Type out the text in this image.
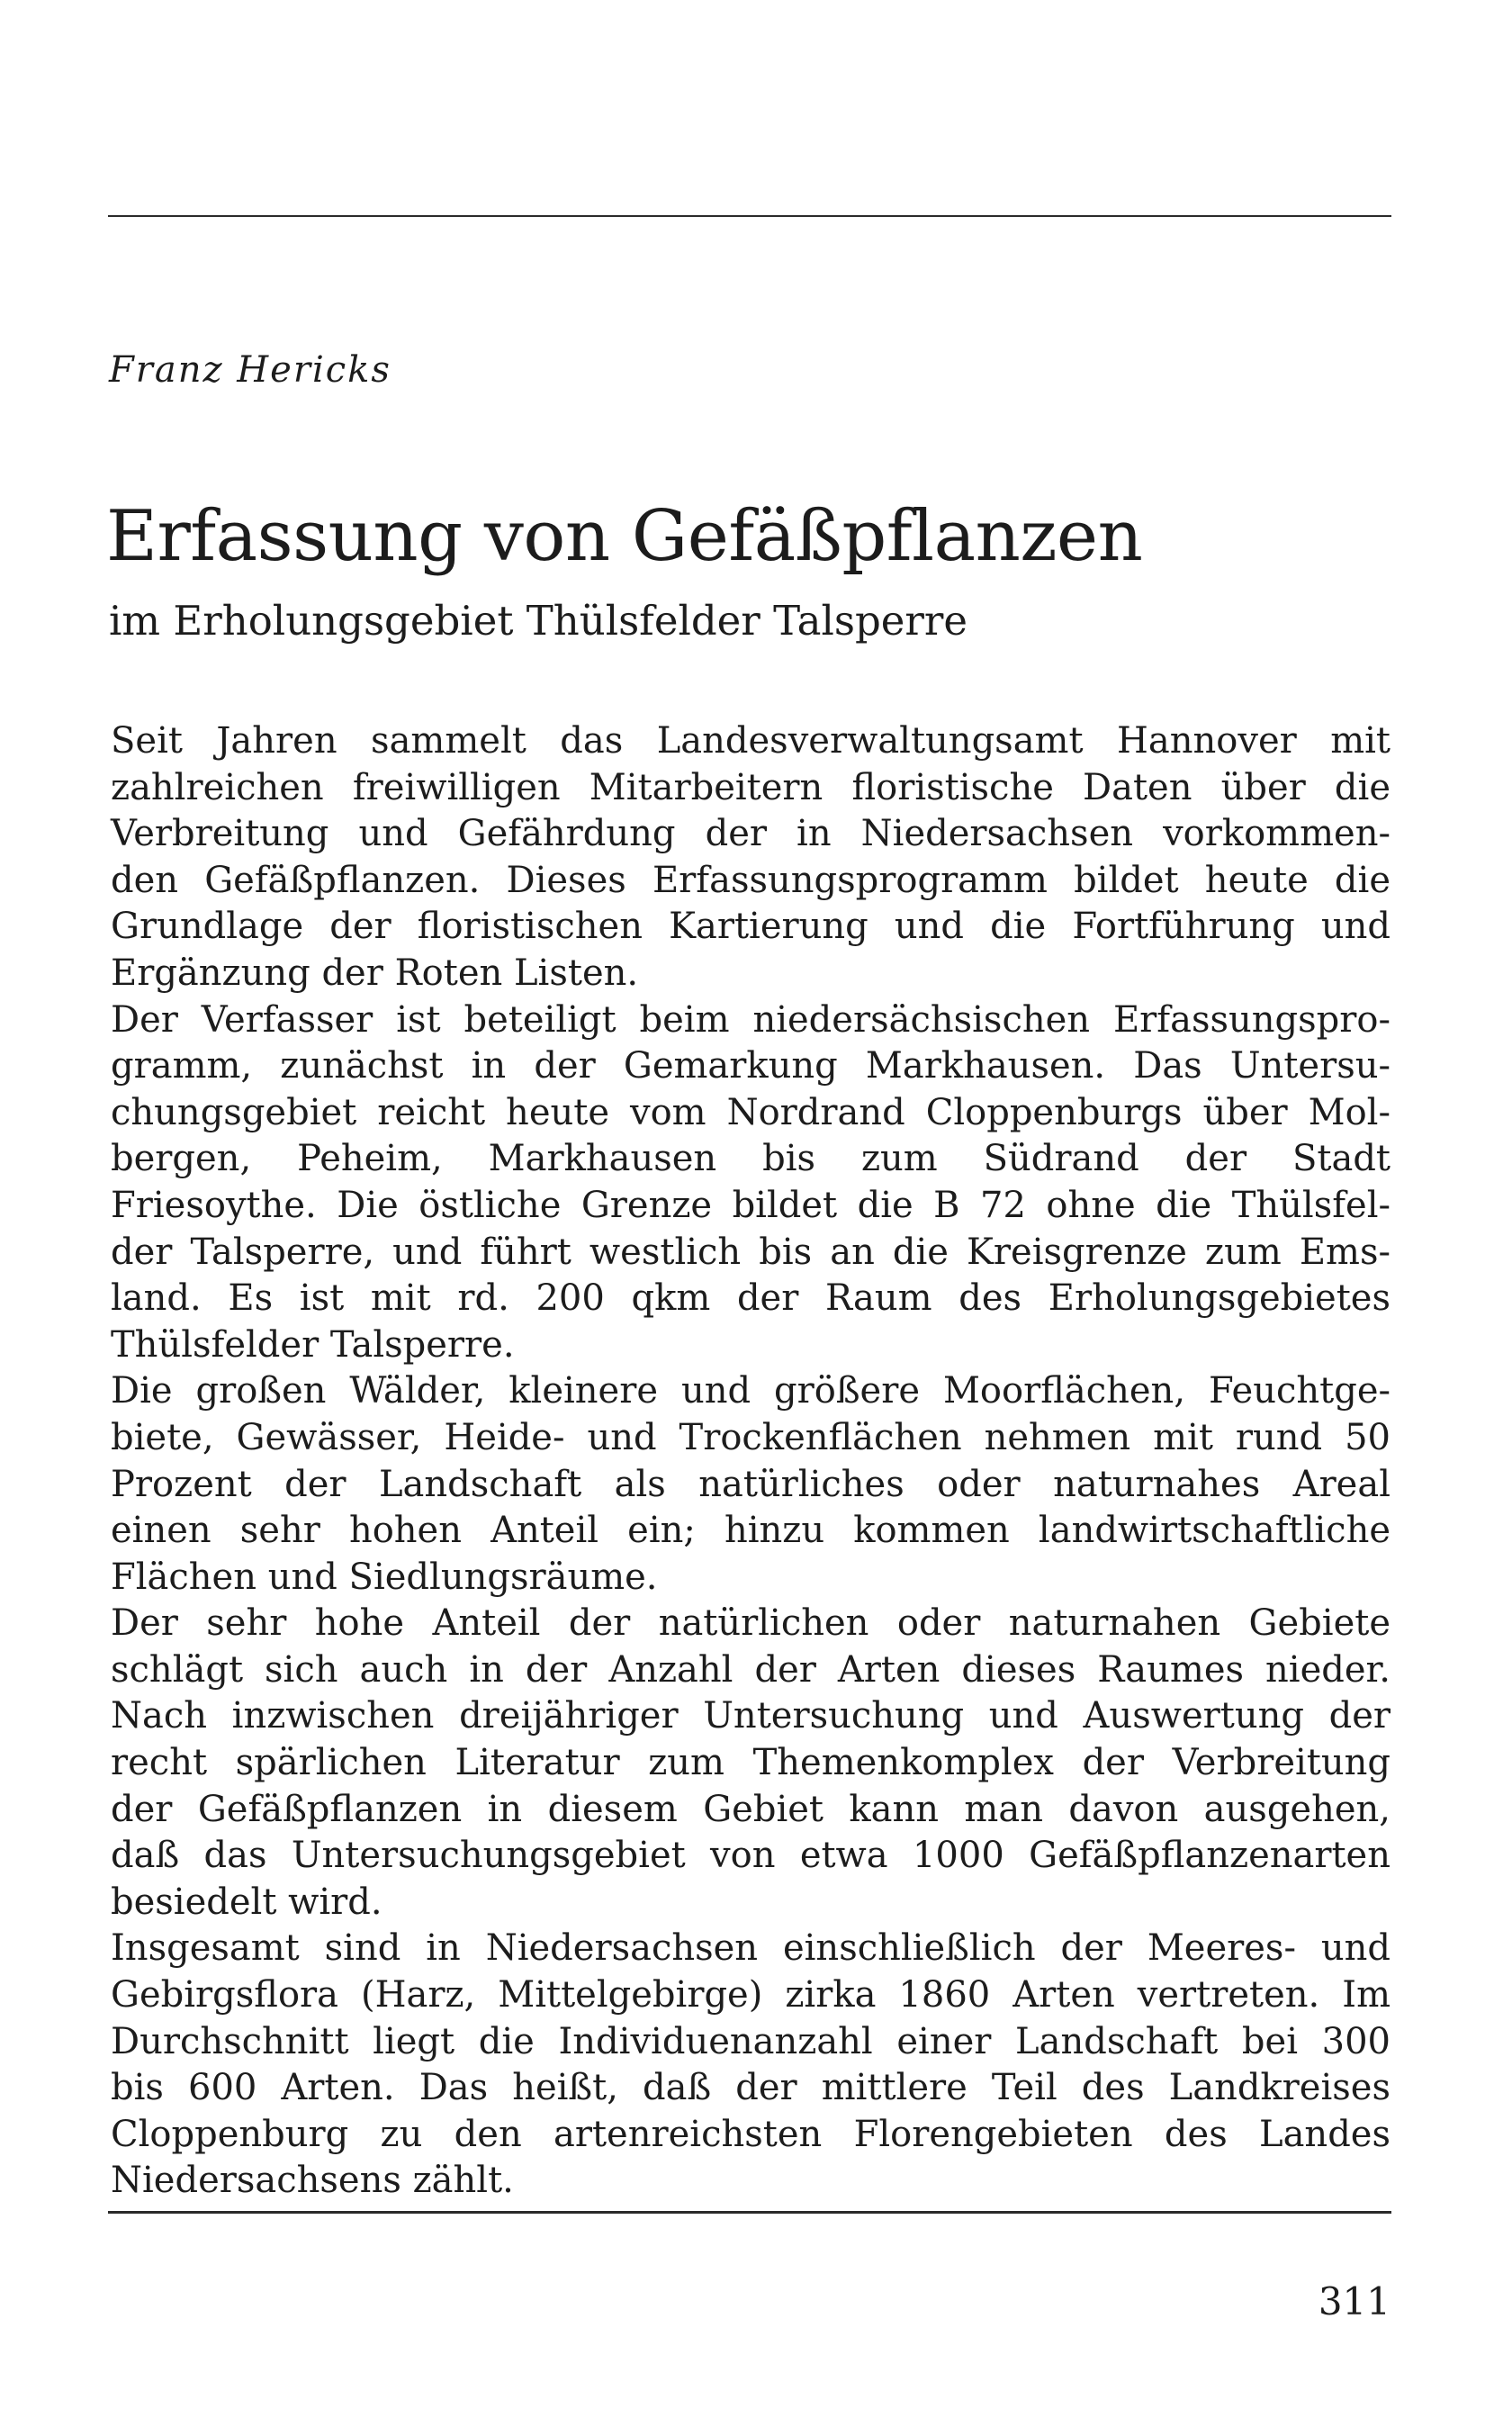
Franz Hericks
Erfassung von Gefäßpflanzen
im Erholungsgebiet Thülsfelder Talsperre
Seit Jahren sammelt das Landesverwaltungsamt Hannover mit
zahlreichen freiwilligen Mitarbeitern floristische Daten über die
Verbreitung und Gefährdung der in Niedersachsen vorkommen-
den Gefäßpflanzen. Dieses Erfassungsprogramm bildet heute die
Grundlage der floristischen Kartierung und die Fortführung und
Ergänzung der Roten Listen.
Der Verfasser ist beteiligt beim niedersächsischen Erfassungspro-
gramm, zunächst in der Gemarkung Markhausen. Das Untersu-
chungsgebiet reicht heute vom Nordrand Cloppenburgs über Mol-
bergen, Peheim, Markhausen bis zum Südrand der Stadt
Friesoythe. Die östliche Grenze bildet die B 72 ohne die Thülsfel-
der Talsperre, und führt westlich bis an die Kreisgrenze zum Ems-
land. Es ist mit rd. 200 qkm der Raum des Erholungsgebietes
Thülsfelder Talsperre.
Die großen Wälder, kleinere und größere Moorflächen, Feuchtge-
biete, Gewässer, Heide- und Trockenflächen nehmen mit rund 50
Prozent der Landschaft als natürliches oder naturnahes Areal
einen sehr hohen Anteil ein; hinzu kommen landwirtschaftliche
Flächen und Siedlungsräume.
Der sehr hohe Anteil der natürlichen oder naturnahen Gebiete
schlägt sich auch in der Anzahl der Arten dieses Raumes nieder.
Nach inzwischen dreijähriger Untersuchung und Auswertung der
recht spärlichen Literatur zum Themenkomplex der Verbreitung
der Gefäßpflanzen in diesem Gebiet kann man davon ausgehen,
daß das Untersuchungsgebiet von etwa 1000 Gefäßpflanzenarten
besiedelt wird.
Insgesamt sind in Niedersachsen einschließlich der Meeres- und
Gebirgsflora (Harz, Mittelgebirge) zirka 1860 Arten vertreten. Im
Durchschnitt liegt die Individuenanzahl einer Landschaft bei 300
bis 600 Arten. Das heißt, daß der mittlere Teil des Landkreises
Cloppenburg zu den artenreichsten Florengebieten des Landes
Niedersachsens zählt.
311
